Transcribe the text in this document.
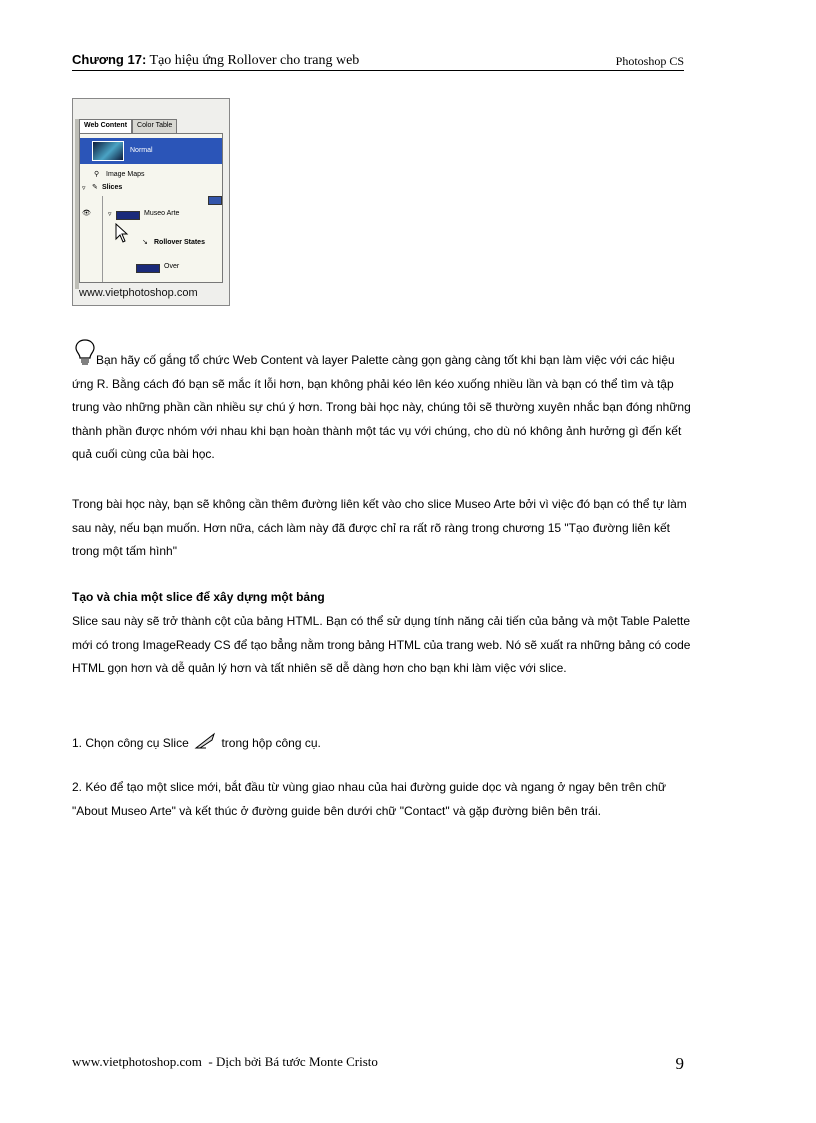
Chương 17: Tạo hiệu ứng Rollover cho trang web	Photoshop CS
Web Content	Color Table
Normal
⚲ Image Maps
▿ ✎ Slices
👁 ▿	Museo Arte
↘ Rollover States
Over
www.vietphotoshop.com
Bạn hãy cố gắng tổ chức Web Content và layer Palette càng gọn gàng càng tốt khi bạn làm việc với các hiệu ứng R. Bằng cách đó bạn sẽ mắc ít lỗi hơn, bạn không phải kéo lên kéo xuống nhiều lần và bạn có thể tìm và tập trung vào những phần cần nhiều sự chú ý hơn. Trong bài học này, chúng tôi sẽ thường xuyên nhắc bạn đóng những thành phần được nhóm với nhau khi bạn hoàn thành một tác vụ với chúng, cho dù nó không ảnh hưởng gì đến kết quả cuối cùng của bài học.
Trong bài học này, bạn sẽ không cần thêm đường liên kết vào cho slice Museo Arte bởi vì việc đó bạn có thể tự làm sau này, nếu bạn muốn. Hơn nữa, cách làm này đã được chỉ ra rất rõ ràng trong chương 15 "Tạo đường liên kết trong một tấm hình"
Tạo và chia một slice để xây dựng một bảng
Slice sau này sẽ trở thành cột của bảng HTML. Bạn có thể sử dụng tính năng cải tiến của bảng và một Table Palette mới có trong ImageReady CS để tạo bẳng nằm trong bảng HTML của trang web. Nó sẽ xuất ra những bảng có code HTML gọn hơn và dễ quản lý hơn và tất nhiên sẽ dễ dàng hơn cho bạn khi làm việc với slice.
1. Chọn công cụ Slice	trong hộp công cụ.
2. Kéo để tạo một slice mới, bắt đầu từ vùng giao nhau của hai đường guide dọc và ngang ở ngay bên trên chữ "About Museo Arte" và kết thúc ở đường guide bên dưới chữ "Contact" và gặp đường biên bên trái.
www.vietphotoshop.com  - Dịch bởi Bá tước Monte Cristo	9
